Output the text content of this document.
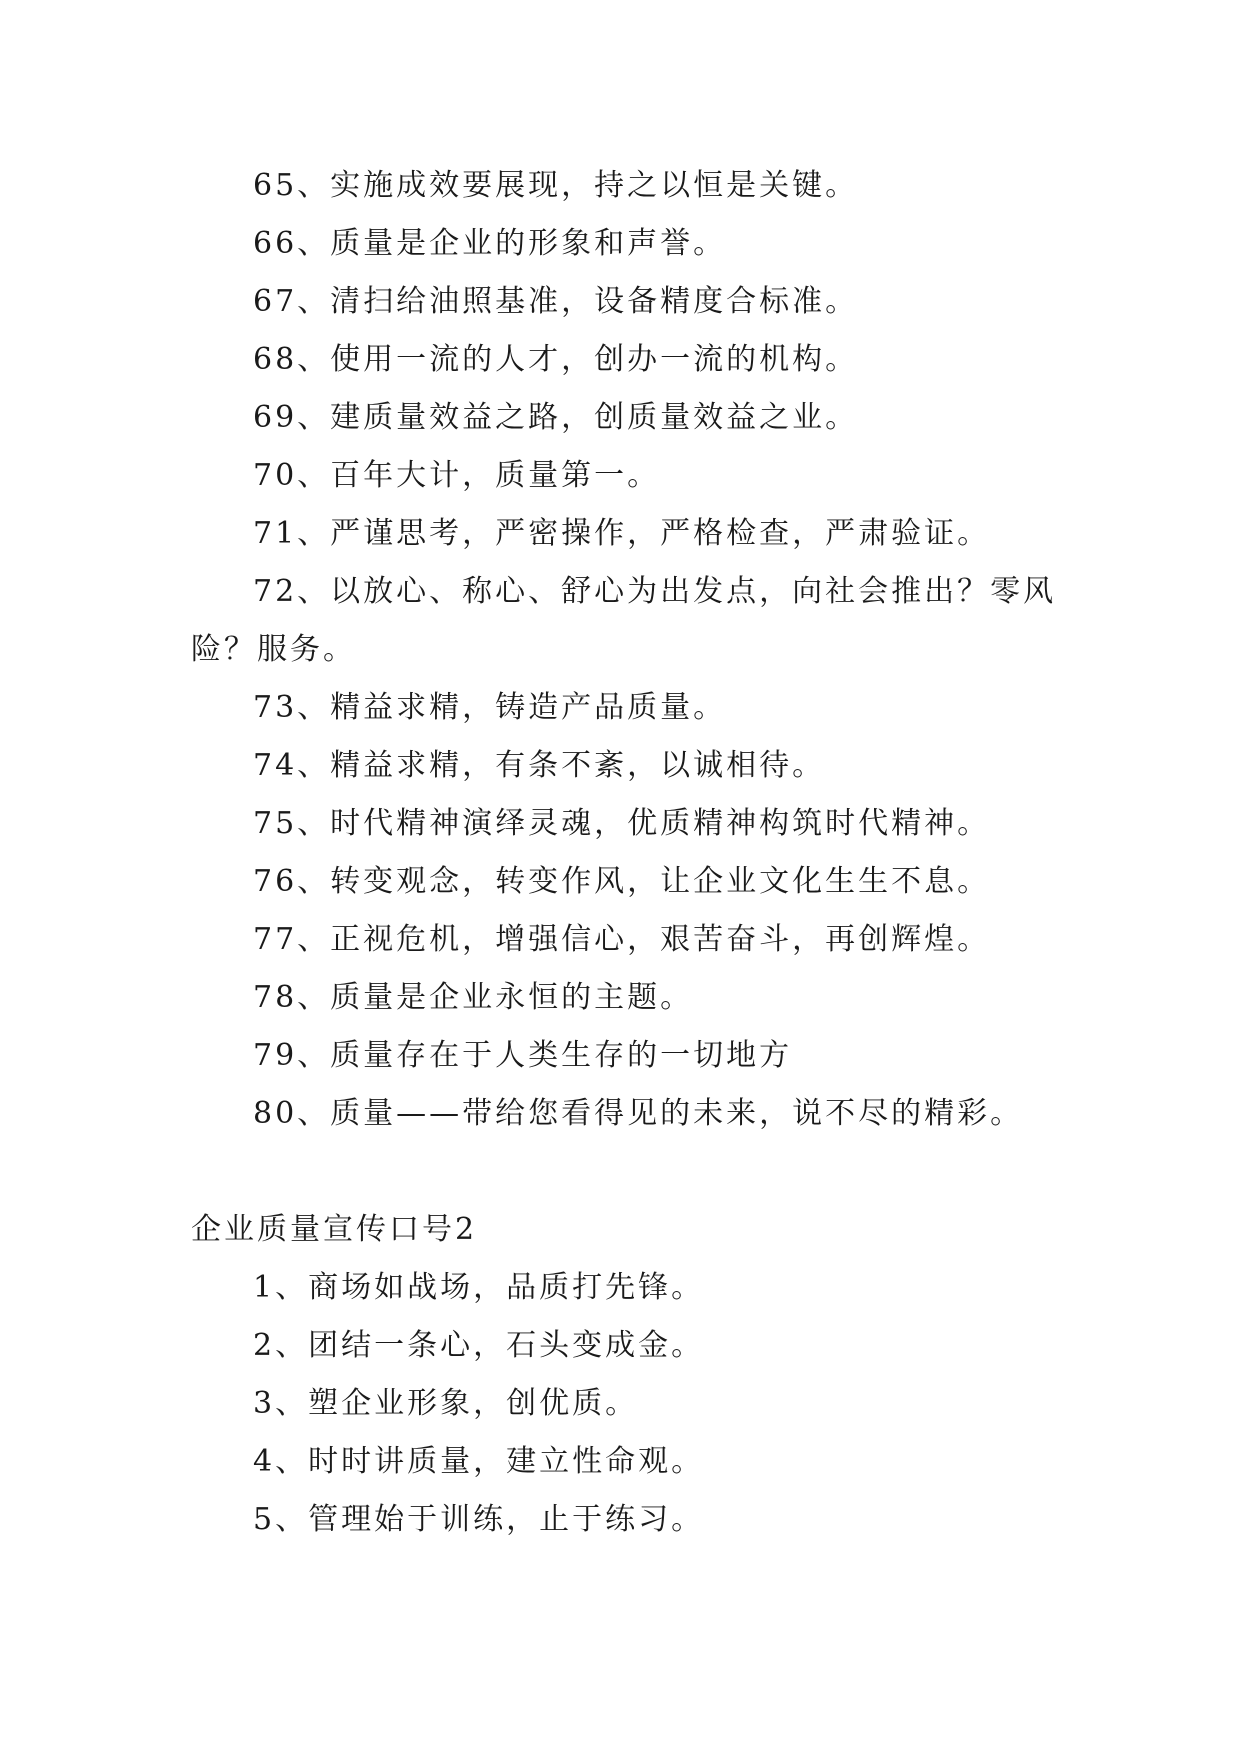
65、实施成效要展现，持之以恒是关键。
66、质量是企业的形象和声誉。
67、清扫给油照基准，设备精度合标准。
68、使用一流的人才，创办一流的机构。
69、建质量效益之路，创质量效益之业。
70、百年大计，质量第一。
71、严谨思考，严密操作，严格检查，严肃验证。
72、以放心、称心、舒心为出发点，向社会推出？零风
险？服务。
73、精益求精，铸造产品质量。
74、精益求精，有条不紊，以诚相待。
75、时代精神演绎灵魂，优质精神构筑时代精神。
76、转变观念，转变作风，让企业文化生生不息。
77、正视危机，增强信心，艰苦奋斗，再创辉煌。
78、质量是企业永恒的主题。
79、质量存在于人类生存的一切地方
80、质量——带给您看得见的未来，说不尽的精彩。
企业质量宣传口号2
1、商场如战场，品质打先锋。
2、团结一条心，石头变成金。
3、塑企业形象，创优质。
4、时时讲质量，建立性命观。
5、管理始于训练，止于练习。
